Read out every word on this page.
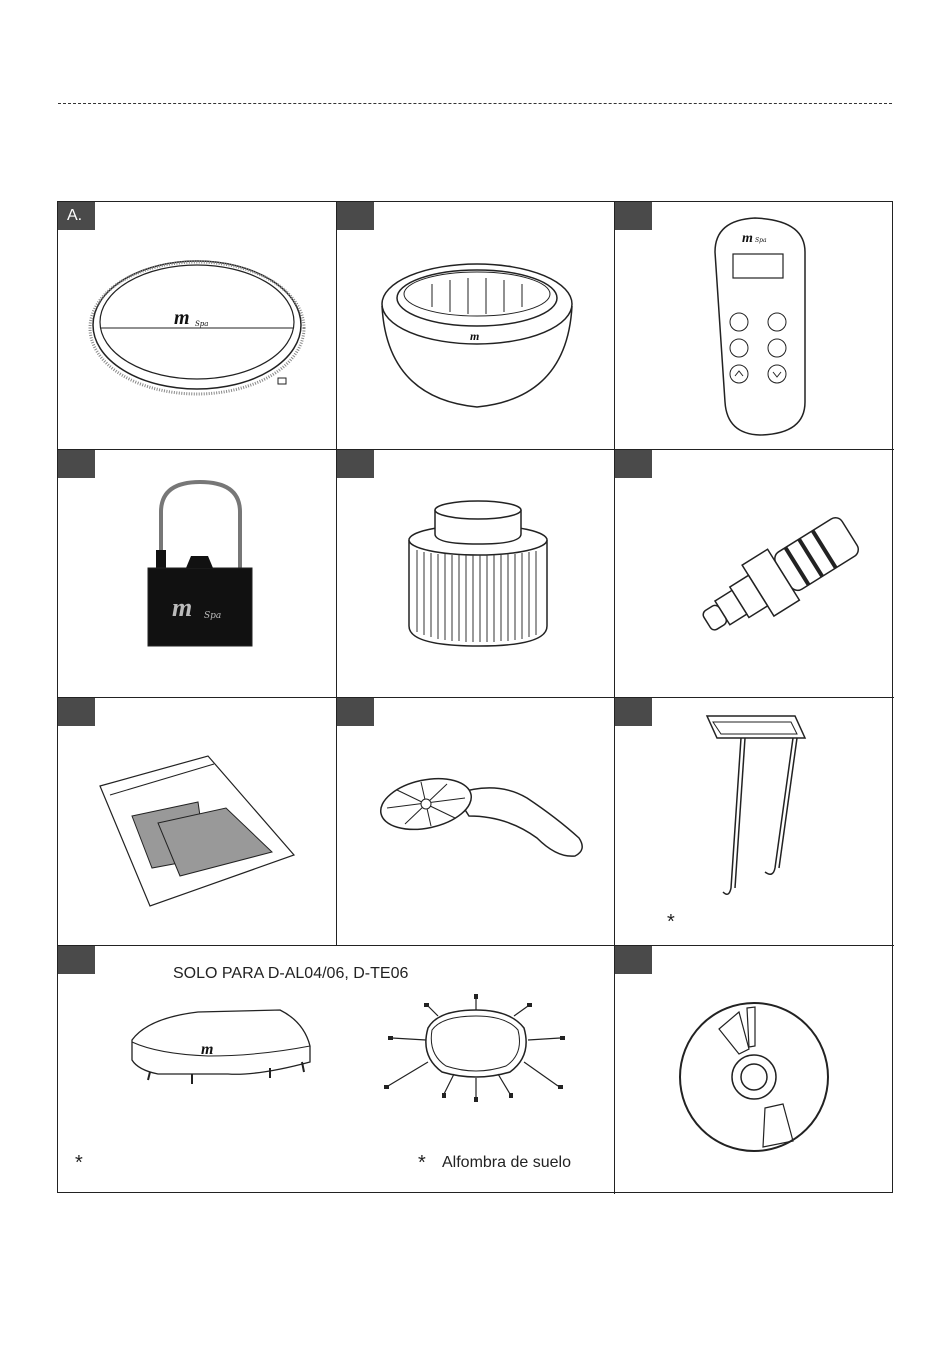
A.
m Spa
m
m Spa
m Spa
*
SOLO PARA D-AL04/06, D-TE06
m
*	* Alfombra de suelo
